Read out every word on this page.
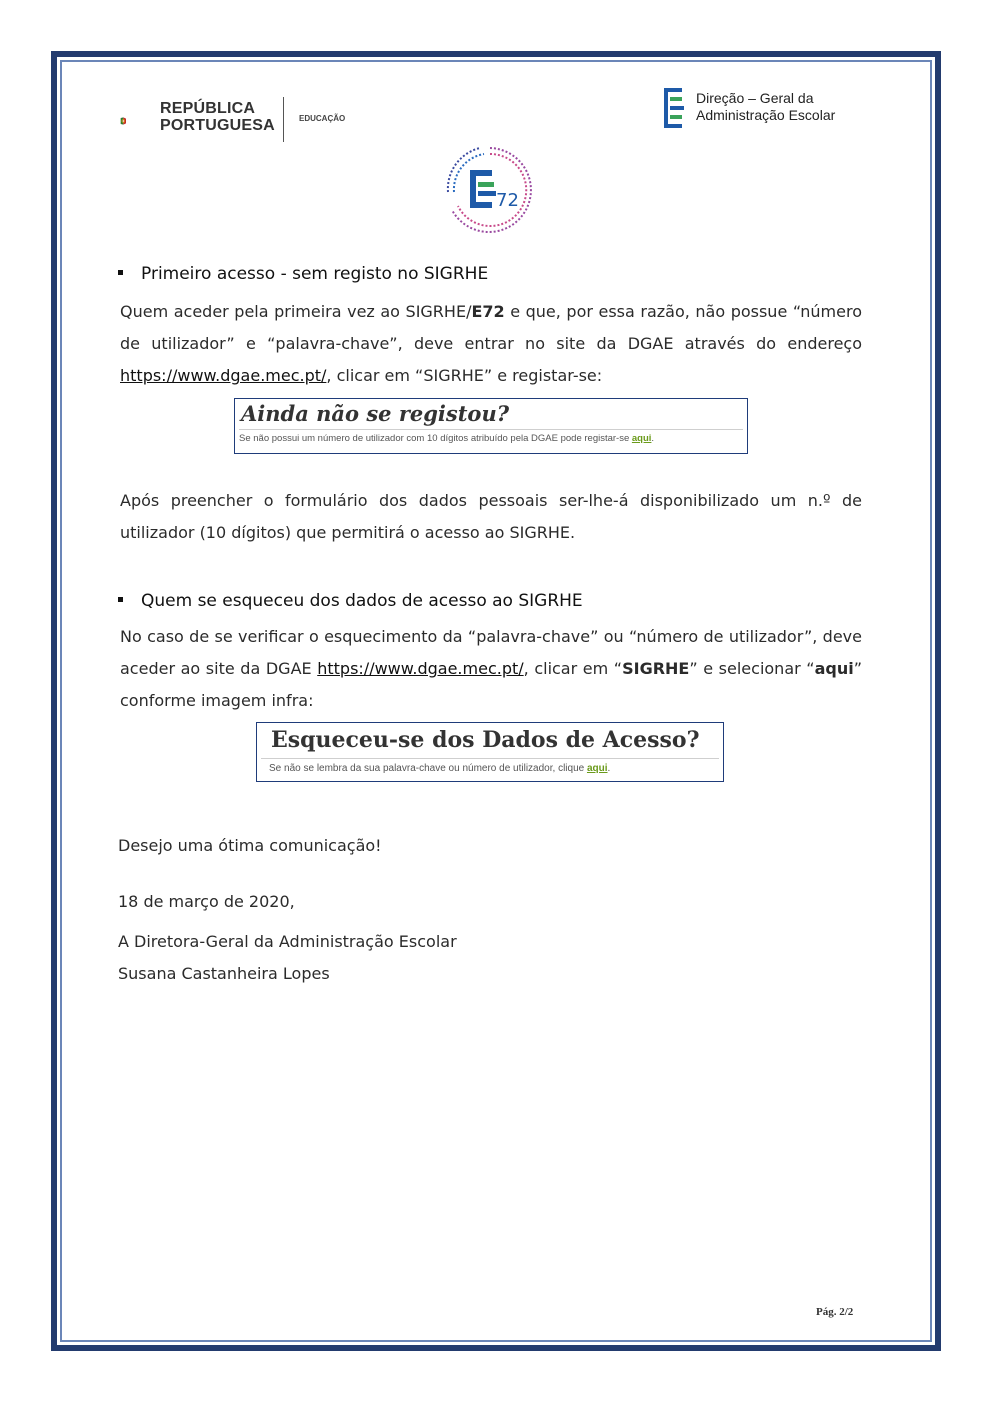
REPÚBLICA
PORTUGUESA	EDUCAÇÃO
Direção – Geral da
Administração Escolar
72
Primeiro acesso - sem registo no SIGRHE
Quem aceder pela primeira vez ao SIGRHE/E72 e que, por essa razão, não possue “número de utilizador” e “palavra-chave”, deve entrar no site da DGAE através do endereço https://www.dgae.mec.pt/, clicar em “SIGRHE” e registar-se:
Ainda não se registou?
Se não possui um número de utilizador com 10 dígitos atribuído pela DGAE pode registar-se aqui.
Após preencher o formulário dos dados pessoais ser-lhe-á disponibilizado um n.º de utilizador (10 dígitos) que permitirá o acesso ao SIGRHE.
Quem se esqueceu dos dados de acesso ao SIGRHE
No caso de se verificar o esquecimento da “palavra-chave” ou “número de utilizador”, deve aceder ao site da DGAE https://www.dgae.mec.pt/, clicar em “SIGRHE” e selecionar “aqui” conforme imagem infra:
Esqueceu-se dos Dados de Acesso?
Se não se lembra da sua palavra-chave ou número de utilizador, clique aqui.
Desejo uma ótima comunicação!
18 de março de 2020,
A Diretora-Geral da Administração Escolar
Susana Castanheira Lopes
Pág. 2/2
